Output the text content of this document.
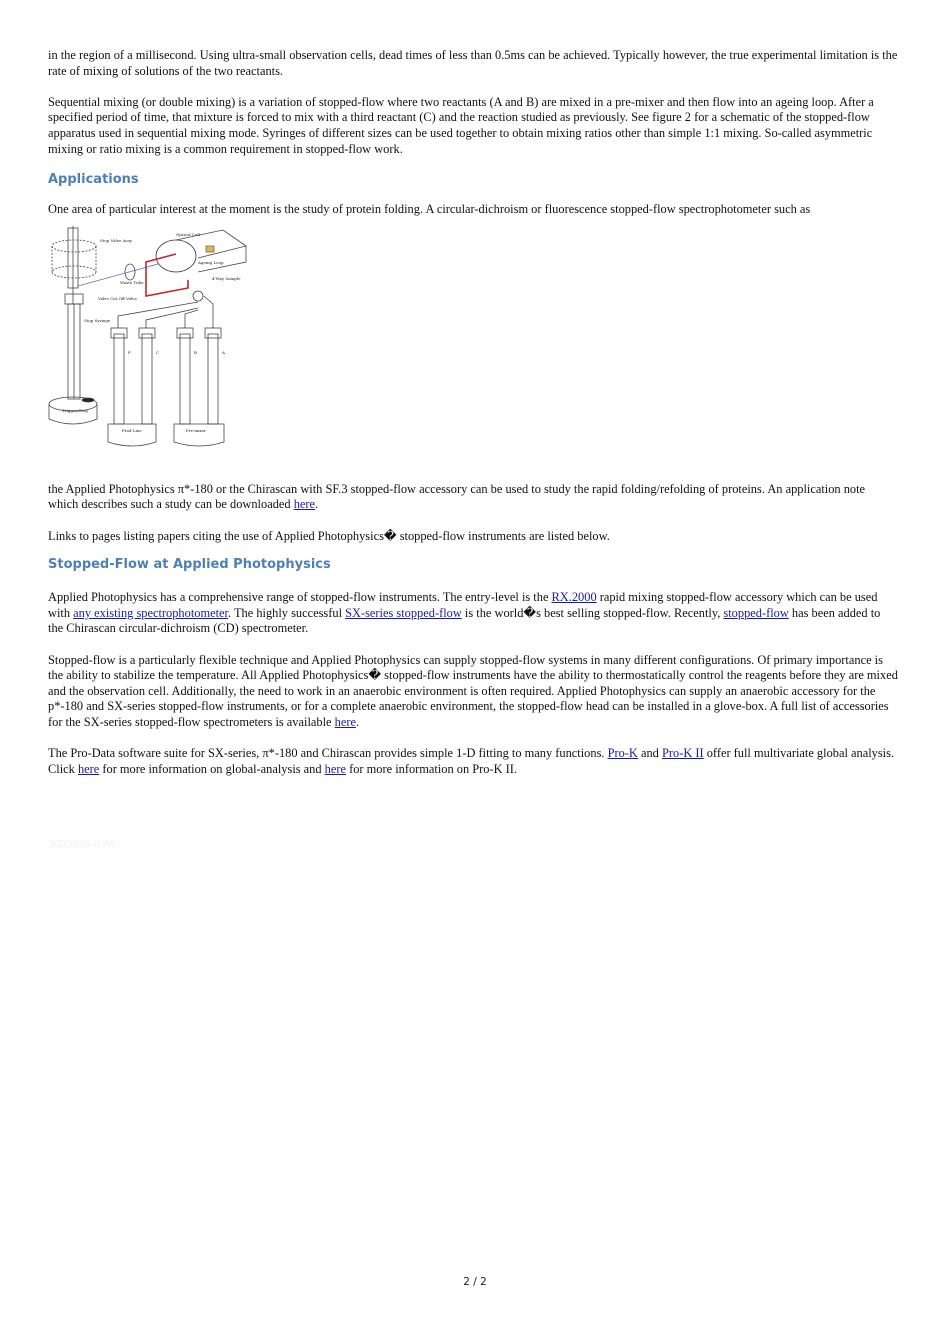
in the region of a millisecond. Using ultra-small observation cells, dead times of less than 0.5ms can be achieved. Typically however, the true experimental limitation is the rate of mixing of solutions of the two reactants.

Sequential mixing (or double mixing) is a variation of stopped-flow where two reactants (A and B) are mixed in a pre-mixer and then flow into an ageing loop. After a specified period of time, that mixture is forced to mix with a third reactant (C) and the reaction studied as previously. See figure 2 for a schematic of the stopped-flow apparatus used in sequential mixing mode. Syringes of different sizes can be used together to obtain mixing ratios other than simple 1:1 mixing. So-called asymmetric mixing or ratio mixing is a common requirement in stopped-flow work.

Applications

One area of particular interest at the moment is the study of protein folding. A circular-dichroism or fluorescence stopped-flow spectrophotometer such as

Stop Valve Assy
Optical Cell
Ageing Loop
Waste Tube
4-Way Sample
Valve Cut Off Valve
Stop Syringe
Trigger/Stop
Prod Line	Pre-mixer
F	C	B	A

the Applied Photophysics π*-180 or the Chirascan with SF.3 stopped-flow accessory can be used to study the rapid folding/refolding of proteins. An application note which describes such a study can be downloaded here.

Links to pages listing papers citing the use of Applied Photophysics� stopped-flow instruments are listed below.

Stopped-Flow at Applied Photophysics

Applied Photophysics has a comprehensive range of stopped-flow instruments. The entry-level is the RX.2000 rapid mixing stopped-flow accessory which can be used with any existing spectrophotometer. The highly successful SX-series stopped-flow is the world�s best selling stopped-flow. Recently, stopped-flow has been added to the Chirascan circular-dichroism (CD) spectrometer.

Stopped-flow is a particularly flexible technique and Applied Photophysics can supply stopped-flow systems in many different configurations. Of primary importance is the ability to stabilize the temperature. All Applied Photophysics� stopped-flow instruments have the ability to thermostatically control the reagents before they are mixed and the observation cell. Additionally, the need to work in an anaerobic environment is often required. Applied Photophysics can supply an anaerobic accessory for the p*-180 and SX-series stopped-flow instruments, or for a complete anaerobic environment, the stopped-flow head can be installed in a glove-box. A full list of accessories for the SX-series stopped-flow spectrometers is available here.

The Pro-Data software suite for SX-series, π*-180 and Chirascan provides simple 1-D fitting to many functions. Pro-K and Pro-K II offer full multivariate global analysis. Click here for more information on global-analysis and here for more information on Pro-K II.

3/2/2020 0:46
2 / 2
